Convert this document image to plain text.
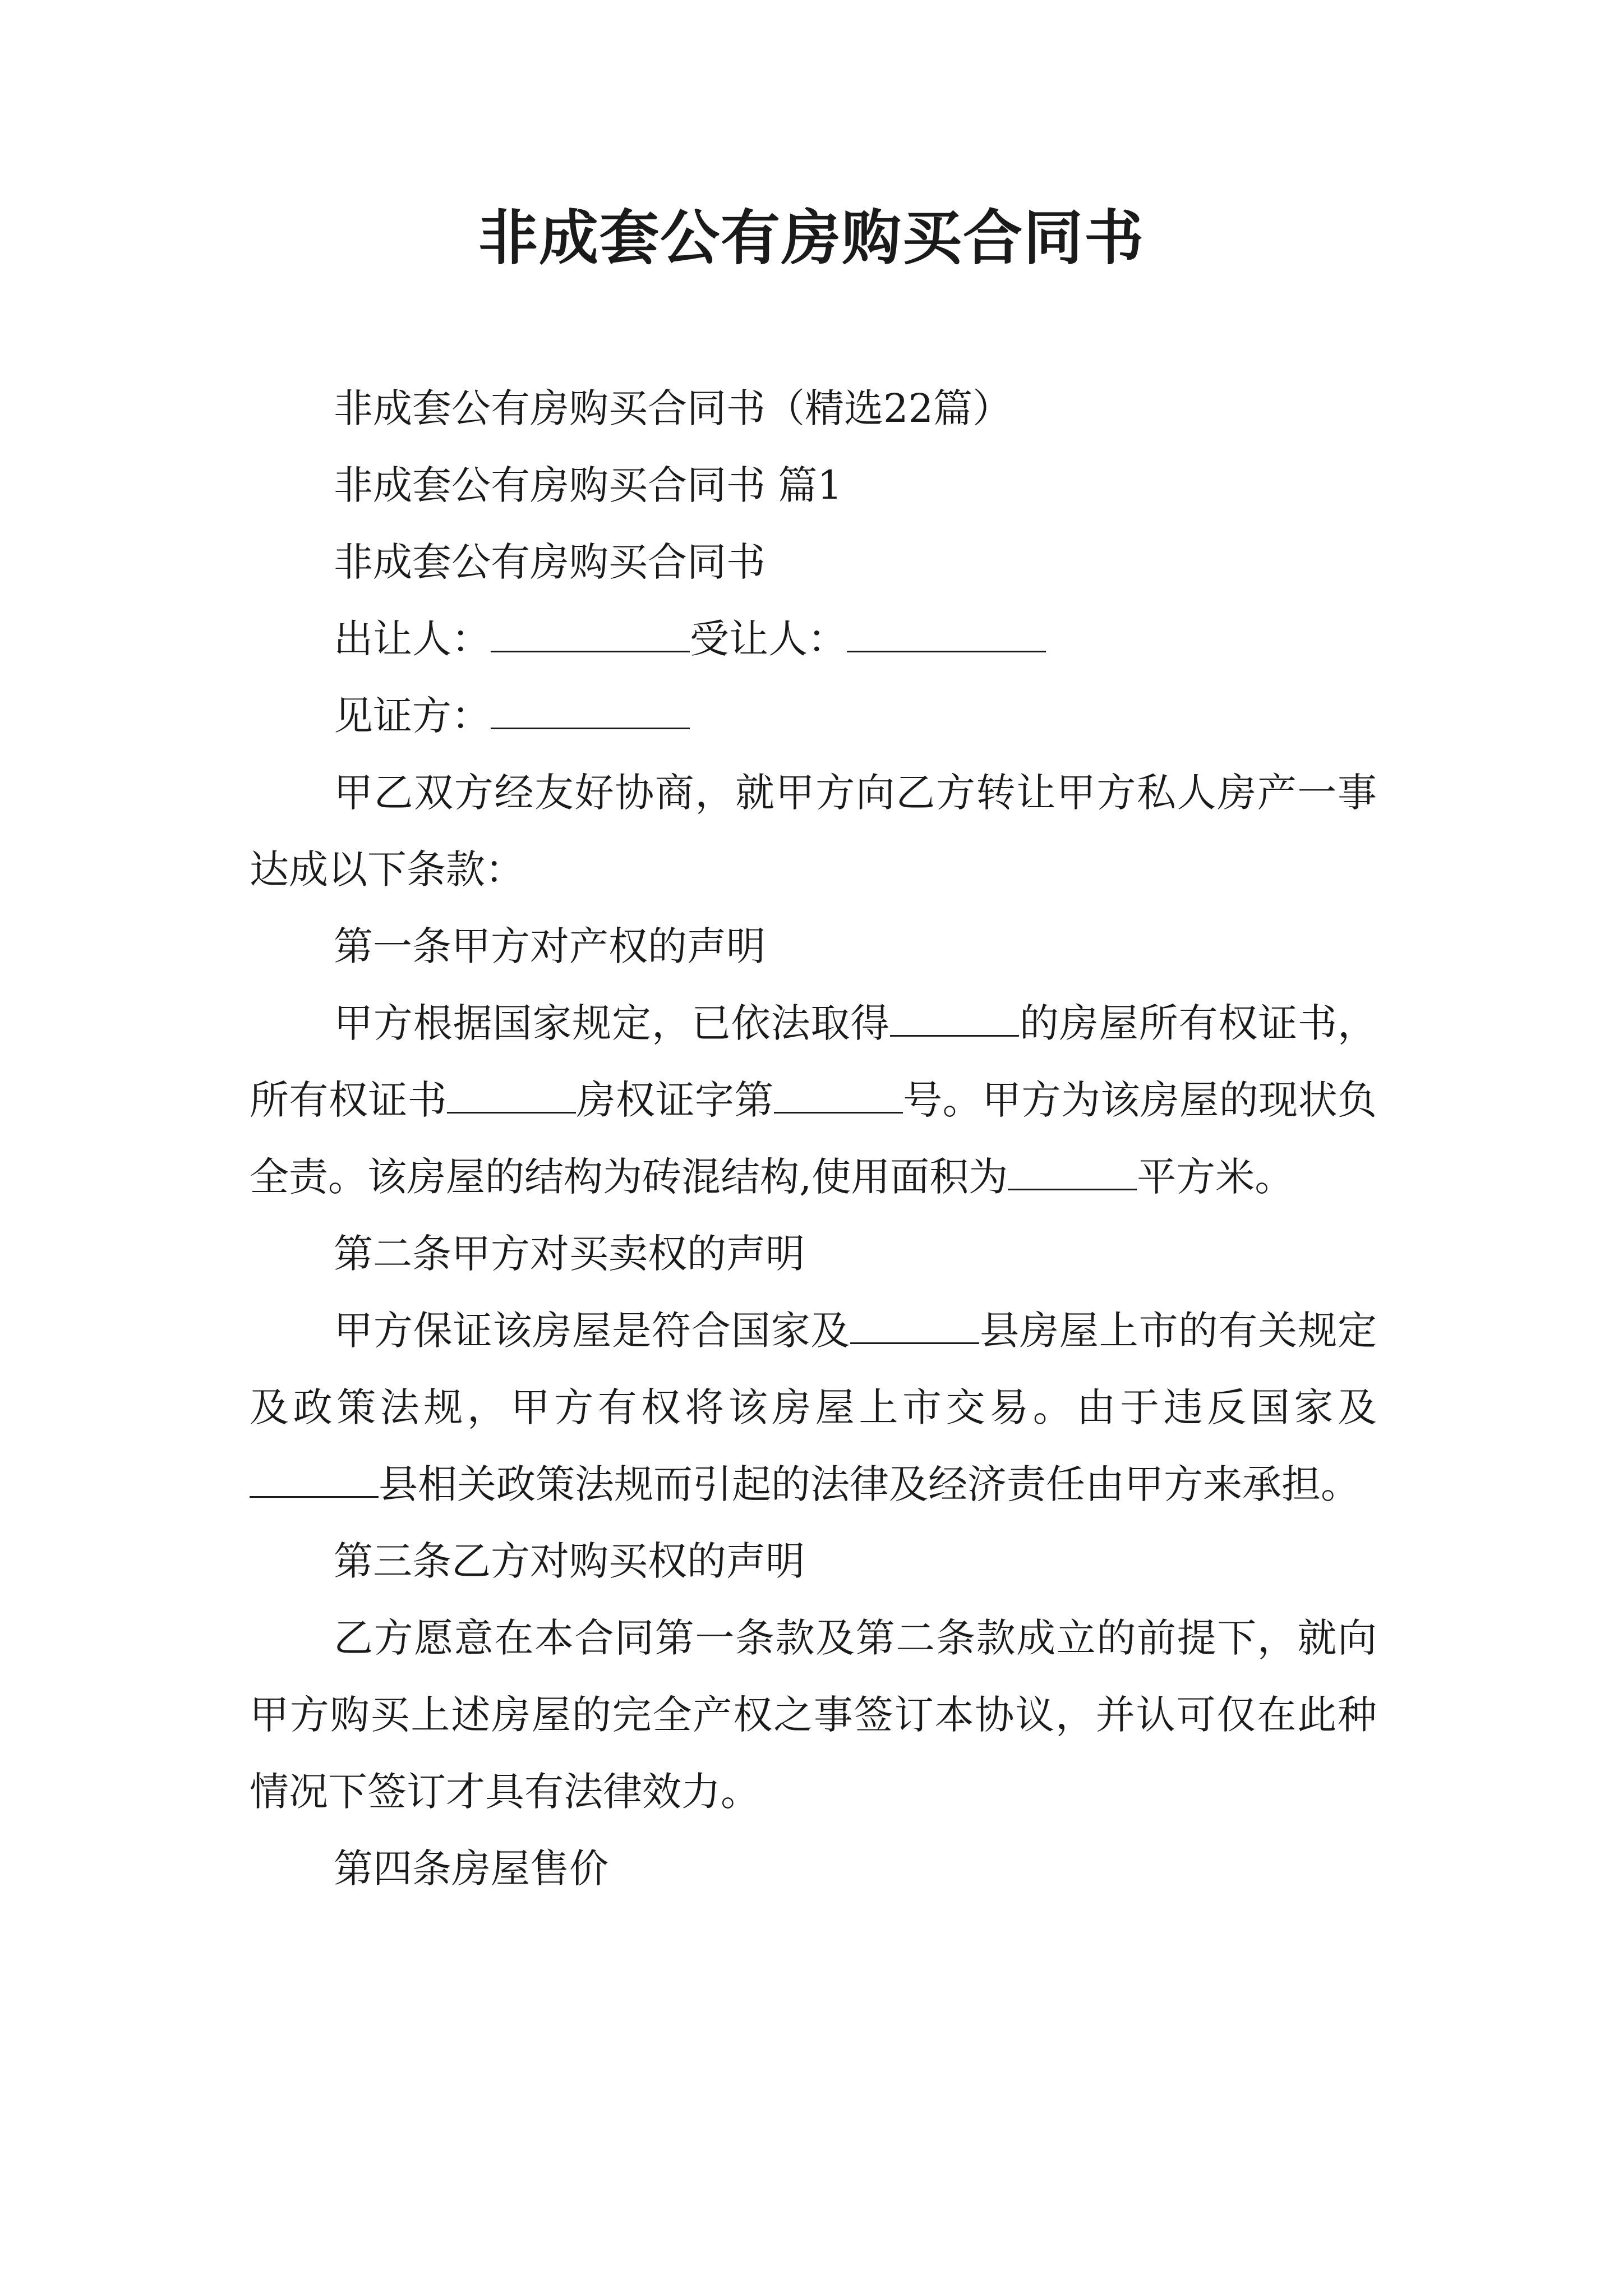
非成套公有房购买合同书

非成套公有房购买合同书（精选22篇）

非成套公有房购买合同书 篇1

非成套公有房购买合同书

出让人：	受让人：

见证方：

甲乙双方经友好协商，就甲方向乙方转让甲方私人房产一事达成以下条款：

第一条甲方对产权的声明

甲方根据国家规定，已依法取得	的房屋所有权证书，所有权证书	房权证字第	号。甲方为该房屋的现状负全责。该房屋的结构为砖混结构,使用面积为	平方米。

第二条甲方对买卖权的声明

甲方保证该房屋是符合国家及	县房屋上市的有关规定及政策法规，甲方有权将该房屋上市交易。由于违反国家及县相关政策法规而引起的法律及经济责任由甲方来承担。

第三条乙方对购买权的声明

乙方愿意在本合同第一条款及第二条款成立的前提下，就向甲方购买上述房屋的完全产权之事签订本协议，并认可仅在此种情况下签订才具有法律效力。

第四条房屋售价
